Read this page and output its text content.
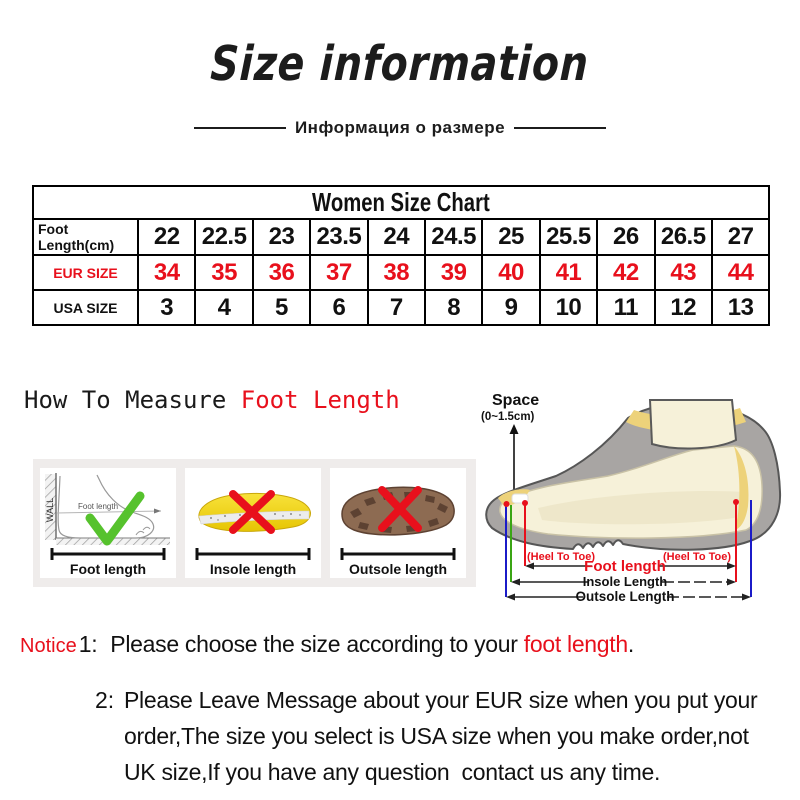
Size information
Информация о размере
Women Size Chart											
Foot Length(cm)	22	22.5	23	23.5	24	24.5	25	25.5	26	26.5	27
EUR SIZE	34	35	36	37	38	39	40	41	42	43	44
USA SIZE	3	4	5	6	7	8	9	10	11	12	13
How To Measure Foot Length
WALL	Foot length
Foot length	Insole length	Outsole length
Space
(0~1.5cm)
(Heel To Toe)	(Heel To Toe)
Foot length
Insole Length
Outsole Length
Notice1: Please choose the size according to your foot length.
2: Please Leave Message about your EUR size when you put your
order,The size you select is USA size when you make order,not
UK size,If you have any question  contact us any time.
